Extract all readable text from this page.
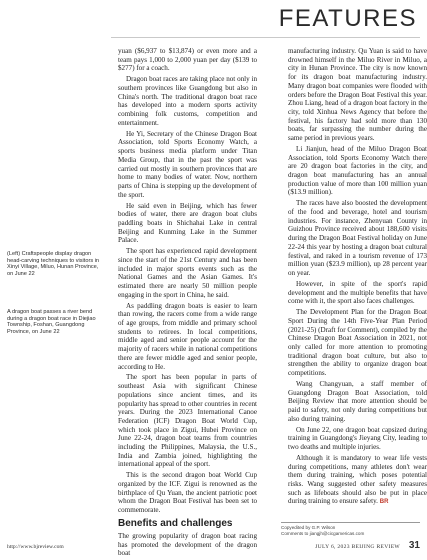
FEATURES
(Left) Craftspeople display dragon head-carving techniques to visitors in Xinyi Village, Miluo, Hunan Province, on June 22
A dragon boat passes a river bend during a dragon boat race in Diejiao Township, Foshan, Guangdong Province, on June 22

yuan ($6,937 to $13,874) or even more and a team pays 1,000 to 2,000 yuan per day ($139 to $277) for a coach.

Dragon boat races are taking place not only in southern provinces like Guangdong but also in China's north. The traditional dragon boat race has developed into a modern sports activity combining folk customs, competition and entertainment.

He Yi, Secretary of the Chinese Dragon Boat Association, told Sports Economy Watch, a sports business media platform under Titan Media Group, that in the past the sport was carried out mostly in southern provinces that are home to many bodies of water. Now, northern parts of China is stepping up the development of the sport.

He said even in Beijing, which has fewer bodies of water, there are dragon boat clubs paddling boats in Shichahai Lake in central Beijing and Kunming Lake in the Summer Palace.

The sport has experienced rapid development since the start of the 21st Century and has been included in major sports events such as the National Games and the Asian Games. It's estimated there are nearly 50 million people engaging in the sport in China, he said.

As paddling dragon boats is easier to learn than rowing, the racers come from a wide range of age groups, from middle and primary school students to retirees. In local competitions, middle aged and senior people account for the majority of racers while in national competitions there are fewer middle aged and senior people, according to He.

The sport has been popular in parts of southeast Asia with significant Chinese populations since ancient times, and its popularity has spread to other countries in recent years. During the 2023 International Canoe Federation (ICF) Dragon Boat World Cup, which took place in Zigui, Hubei Province on June 22-24, dragon boat teams from countries including the Philippines, Malaysia, the U.S., India and Zambia joined, highlighting the international appeal of the sport.

This is the second dragon boat World Cup organized by the ICF. Zigui is renowned as the birthplace of Qu Yuan, the ancient patriotic poet whom the Dragon Boat Festival has been set to commemorate.

Benefits and challenges

The growing popularity of dragon boat racing has promoted the development of the dragon boat

manufacturing industry. Qu Yuan is said to have drowned himself in the Miluo River in Miluo, a city in Hunan Province. The city is now known for its dragon boat manufacturing industry. Many dragon boat companies were flooded with orders before the Dragon Boat Festival this year. Zhou Liang, head of a dragon boat factory in the city, told Xinhua News Agency that before the festival, his factory had sold more than 130 boats, far surpassing the number during the same period in previous years.

Li Jianjun, head of the Miluo Dragon Boat Association, told Sports Economy Watch there are 20 dragon boat factories in the city, and dragon boat manufacturing has an annual production value of more than 100 million yuan ($13.9 million).

The races have also boosted the development of the food and beverage, hotel and tourism industries. For instance, Zhenyuan County in Guizhou Province received about 188,600 visits during the Dragon Boat Festival holiday on June 22-24 this year by hosting a dragon boat cultural festival, and raked in a tourism revenue of 173 million yuan ($23.9 million), up 28 percent year on year.

However, in spite of the sport's rapid development and the multiple benefits that have come with it, the sport also faces challenges.

The Development Plan for the Dragon Boat Sport During the 14th Five-Year Plan Period (2021-25) (Draft for Comment), compiled by the Chinese Dragon Boat Association in 2021, not only called for more attention to promoting traditional dragon boat culture, but also to strengthen the ability to organize dragon boat competitions.

Wang Changyuan, a staff member of Guangdong Dragon Boat Association, told Beijing Review that more attention should be paid to safety, not only during competitions but also during training.

On June 22, one dragon boat capsized during training in Guangdong's Jieyang City, leading to two deaths and multiple injuries.

Although it is mandatory to wear life vests during competitions, many athletes don't wear them during training, which poses potential risks. Wang suggested other safety measures such as lifeboats should also be put in place during training to ensure safety. BR

Copyedited by G.P. Wilson
Comments to jiangjh@cicgamericas.com
http://www.bjreview.com	JULY 6, 2023 BEIJING REVIEW 31
